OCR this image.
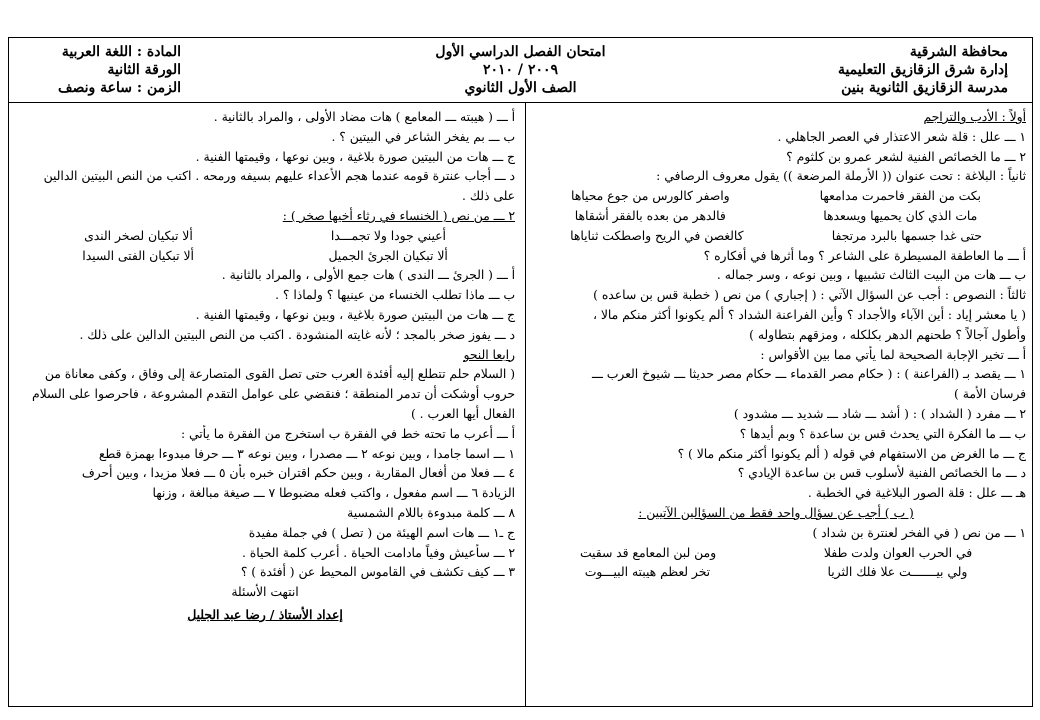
محافظة الشرقية
إدارة شرق الزقازيق التعليمية
مدرسة الزقازيق الثانوية بنين
امتحان الفصل الدراسي الأول
٢٠٠٩ / ٢٠١٠
الصف الأول الثانوي
المادة : اللغة العربية
الورقة الثانية
الزمن : ساعة ونصف
أولاً : الأدب والتراجم
١ ـــ علل : قلة شعر الاعتذار في العصر الجاهلي .
٢ ـــ ما الخصائص الفنية لشعر عمرو بن كلثوم ؟
ثانياً : البلاغة : تحت عنوان (( الأرملة المرضعة )) يقول معروف الرصافي :
بكت من الفقر فاحمرت مدامعها
واصفر كالورس من جوع محياها
مات الذي كان يحميها ويسعدها
فالدهر من بعده بالفقر أشقاها
حتى غدا جسمها بالبرد مرتجفا
كالغصن في الريح واصطكت ثناياها
أ ـــ ما العاطفة المسيطرة على الشاعر ؟ وما أثرها في أفكاره ؟
ب ـــ هات من البيت الثالث تشبيها ، وبين نوعه ، وسر جماله .
ثالثاً : النصوص : أجب عن السؤال الآتي : ( إجباري ) من نص ( خطبة قس بن ساعده )
( يا معشر إياد : أين الآباء والأجداد ؟ وأين الفراعنة الشداد ؟ ألم يكونوا أكثر منكم مالا ،
وأطول آجالاً ؟ طحنهم الدهر بكلكله ، ومزقهم بتطاوله )
أ ـــ تخير الإجابة الصحيحة لما يأتي مما بين الأقواس :
١ ـــ يقصد بـ (الفراعنة ) : ( حكام مصر القدماء ـــ حكام مصر حديثا ـــ شيوخ العرب ـــ
فرسان الأمة )
٢ ـــ مفرد ( الشداد ) : ( أشد ـــ شاد ـــ شديد ـــ مشدود )
ب ـــ ما الفكرة التي يحدث قس بن ساعدة ؟ وبم أيدها ؟
ج ـــ ما الغرض من الاستفهام في قوله ( ألم يكونوا أكثر منكم مالا ) ؟
د ـــ ما الخصائص الفنية لأسلوب قس بن ساعدة الإيادي ؟
هـ ـــ علل : قلة الصور البلاغية في الخطبة .
( ب ) أجب عن سؤال واحد فقط من السؤالين الآتيين :
١ ـــ من نص ( في الفخر لعنترة بن شداد )
في الحرب العوان ولدت طفلا
ومن لبن المعامع قد سقيت
ولي بيـــــــت علا فلك الثريا
تخر لعظم هيبته البيـــوت
أ ـــ ( هيبته ـــ المعامع ) هات مضاد الأولى ، والمراد بالثانية .
ب ـــ بم يفخر الشاعر في البيتين ؟ .
ج ـــ هات من البيتين صورة بلاغية ، وبين نوعها ، وقيمتها الفنية .
د ـــ أجاب عنترة قومه عندما هجم الأعداء عليهم بسيفه ورمحه . اكتب من النص البيتين الدالين
على ذلك .
٢ ـــ من نص ( الخنساء في رثاء أخيها صخر ) :
أعيني جودا ولا تجمـــدا
ألا تبكيان لصخر الندى
ألا تبكيان الجرئ الجميل
ألا تبكيان الفتى السيدا
أ ـــ ( الجرئ ـــ الندى ) هات جمع الأولى ، والمراد بالثانية .
ب ـــ ماذا تطلب الخنساء من عينيها ؟ ولماذا ؟ .
ج ـــ هات من البيتين صورة بلاغية ، وبين نوعها ، وقيمتها الفنية .
د ـــ يفوز صخر بالمجد ؛ لأنه غايته المنشودة . اكتب من النص البيتين الدالين على ذلك .
رابعا النحو
( السلام حلم تتطلع إليه أفئدة العرب حتى تصل القوى المتصارعة إلى وفاق ، وكفى معاناة من
حروب أوشكت أن تدمر المنطقة ؛ فنقضي على عوامل التقدم المشروعة ، فاحرصوا على السلام
الفعال أيها العرب . )
أ ـــ أعرب ما تحته خط في الفقرة ب استخرج من الفقرة ما يأتي :
١ ـــ اسما جامدا ، وبين نوعه ٢ ـــ مصدرا ، وبين نوعه ٣ ـــ حرفا مبدوءا بهمزة قطع
٤ ـــ فعلا من أفعال المقاربة ، وبين حكم اقتران خبره بأن ٥ ـــ فعلا مزيدا ، وبين أحرف
الزيادة ٦ ـــ اسم مفعول ، واكتب فعله مضبوطا ٧ ـــ صيغة مبالغة ، وزنها
٨ ـــ كلمة مبدوءة باللام الشمسية
ج ـ١ ـــ هات اسم الهيئة من ( تصل ) في جملة مفيدة
٢ ـــ سأعيش وفياً مادامت الحياة . أعرب كلمة الحياة .
٣ ـــ كيف تكشف في القاموس المحيط عن ( أفئدة ) ؟
انتهت الأسئلة
إعداد الأستاذ / رضا عبد الجليل
